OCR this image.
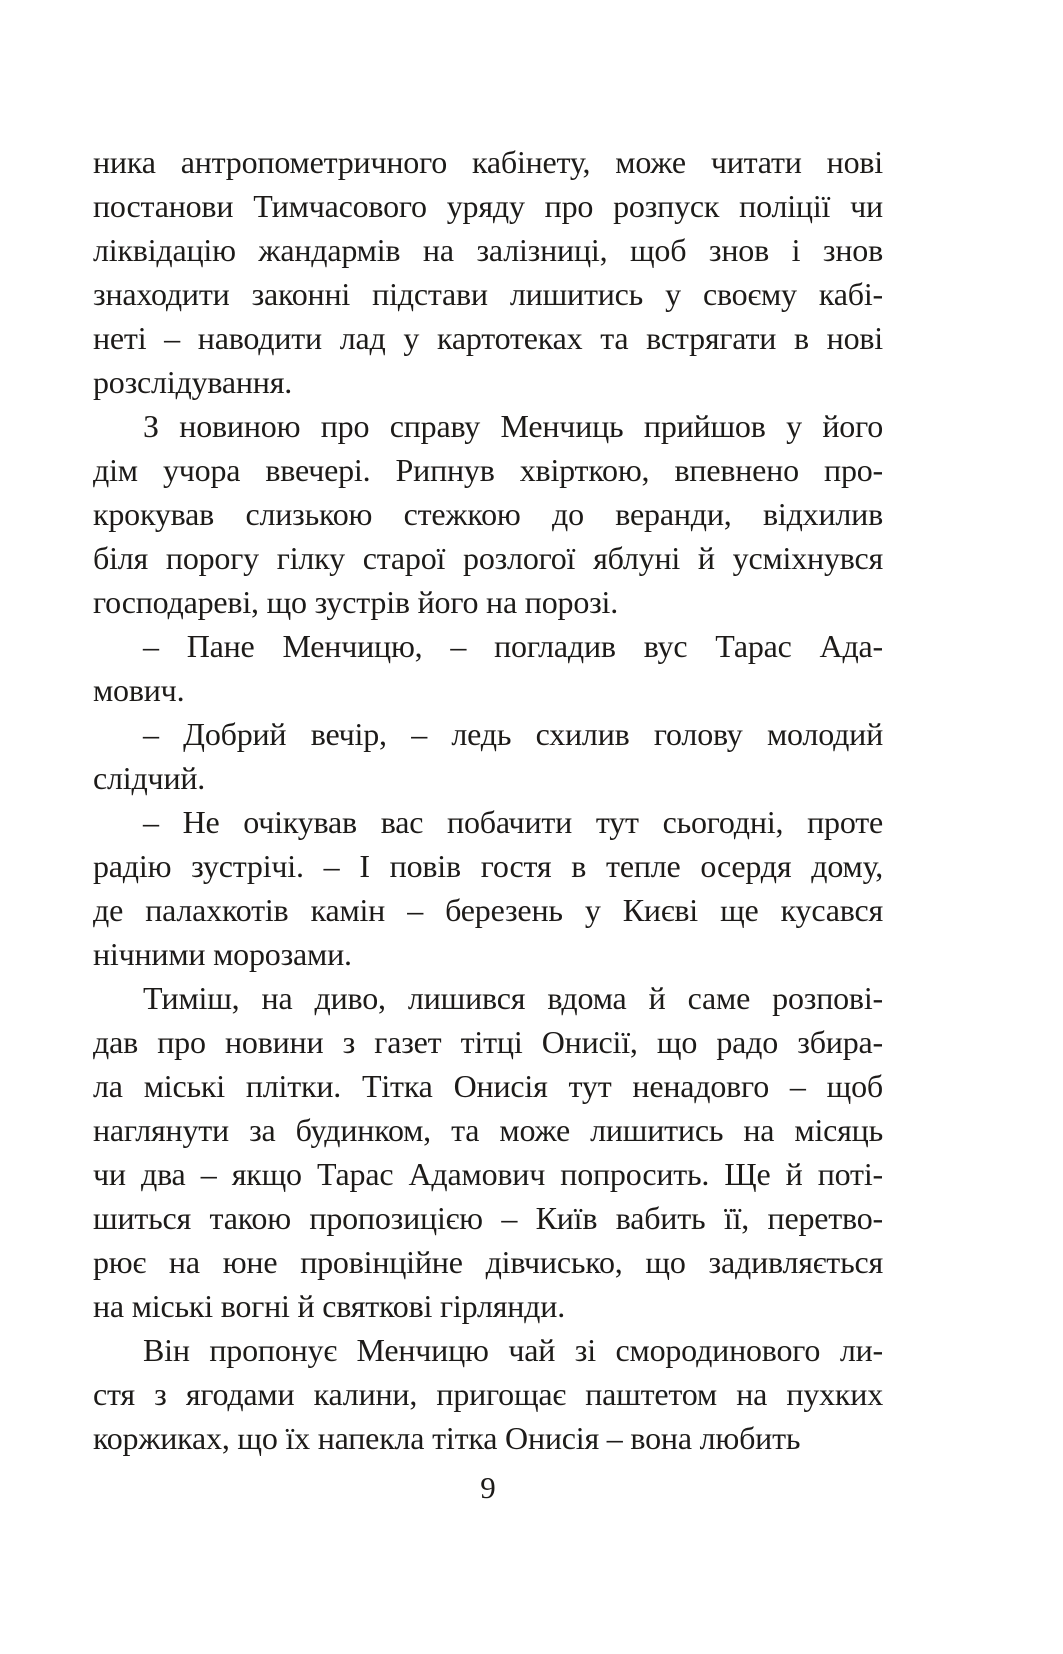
ника антропометричного кабінету, може читати нові
постанови Тимчасового уряду про розпуск поліції чи
ліквідацію жандармів на залізниці, щоб знов і знов
знаходити законні підстави лишитись у своєму кабі-
неті – наводити лад у картотеках та встрягати в нові
розслідування.
З новиною про справу Менчиць прийшов у його
дім учора ввечері. Рипнув хвірткою, впевнено про-
крокував слизькою стежкою до веранди, відхилив
біля порогу гілку старої розлогої яблуні й усміхнувся
господареві, що зустрів його на порозі.
– Пане Менчицю, – погладив вус Тарас Ада-
мович.
– Добрий вечір, – ледь схилив голову молодий
слідчий.
– Не очікував вас побачити тут сьогодні, проте
радію зустрічі. – І повів гостя в тепле осердя дому,
де палахкотів камін – березень у Києві ще кусався
нічними морозами.
Тиміш, на диво, лишився вдома й саме розпові-
дав про новини з газет тітці Онисії, що радо збира-
ла міські плітки. Тітка Онисія тут ненадовго – щоб
наглянути за будинком, та може лишитись на місяць
чи два – якщо Тарас Адамович попросить. Ще й поті-
шиться такою пропозицією – Київ вабить її, перетво-
рює на юне провінційне дівчисько, що задивляється
на міські вогні й святкові гірлянди.
Він пропонує Менчицю чай зі смородинового ли-
стя з ягодами калини, пригощає паштетом на пухких
коржиках, що їх напекла тітка Онисія – вона любить
9
